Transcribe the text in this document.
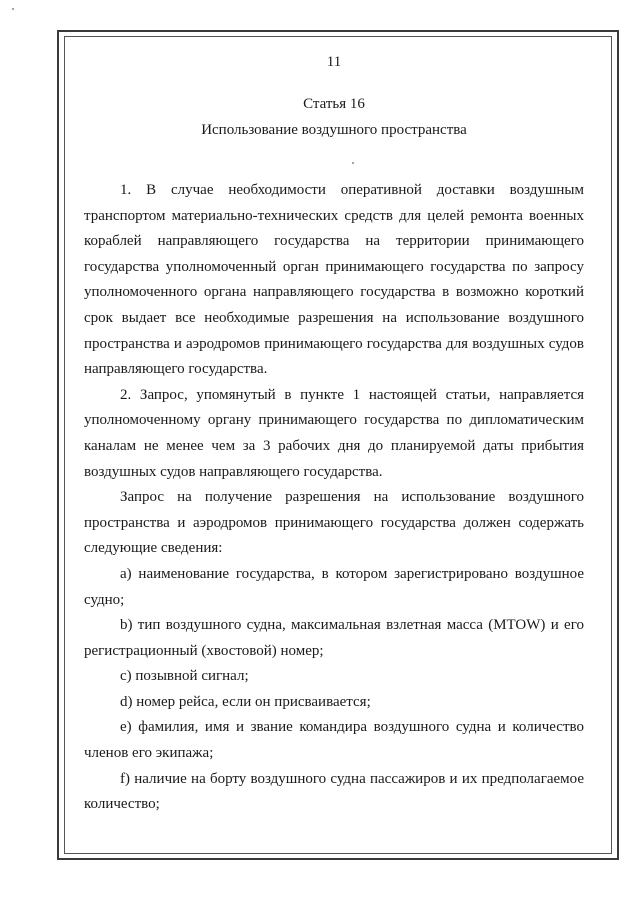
11

Статья 16

Использование воздушного пространства

1. В случае необходимости оперативной доставки воздушным транспортом материально-технических средств для целей ремонта военных кораблей направляющего государства на территории принимающего государства уполномоченный орган принимающего государства по запросу уполномоченного органа направляющего государства в возможно короткий срок выдает все необходимые разрешения на использование воздушного пространства и аэродромов принимающего государства для воздушных судов направляющего государства.

2. Запрос, упомянутый в пункте 1 настоящей статьи, направляется уполномоченному органу принимающего государства по дипломатическим каналам не менее чем за 3 рабочих дня до планируемой даты прибытия воздушных судов направляющего государства.

Запрос на получение разрешения на использование воздушного пространства и аэродромов принимающего государства должен содержать следующие сведения:

a) наименование государства, в котором зарегистрировано воздушное судно;

b) тип воздушного судна, максимальная взлетная масса (MTOW) и его регистрационный (хвостовой) номер;

c) позывной сигнал;

d) номер рейса, если он присваивается;

e) фамилия, имя и звание командира воздушного судна и количество членов его экипажа;

f) наличие на борту воздушного судна пассажиров и их предполагаемое количество;
